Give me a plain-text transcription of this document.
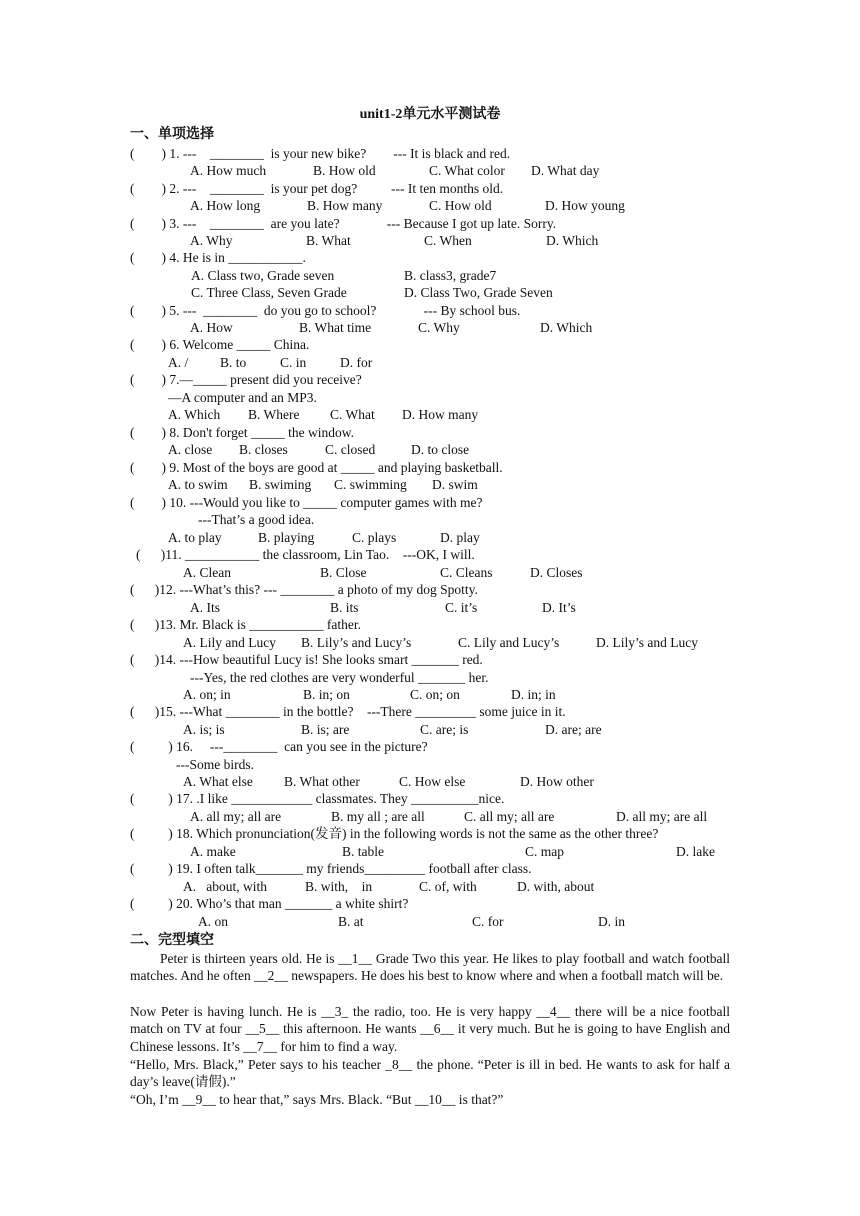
unit1-2单元水平测试卷
一、单项选择
(        ) 1. ---    ________  is your new bike?        --- It is black and red.
A. How much	B. How old	C. What color D. What day
(        ) 2. ---    ________  is your pet dog?          --- It ten months old.
A. How long	B. How many	C. How old	D. How young
(        ) 3. ---    ________  are you late?              --- Because I got up late. Sorry.
A. Why	B. What	C. When	D. Which
(        ) 4. He is in ___________.
A. Class two, Grade seven	B. class3, grade7
C. Three Class, Seven Grade	D. Class Two, Grade Seven
(        ) 5. ---  ________  do you go to school?              --- By school bus.
A. How	B. What time	C. Why	D. Which
(        ) 6. Welcome _____ China.
A. / B. to C. in D. for
(        ) 7.—_____ present did you receive?
—A computer and an MP3.
A. Which B. Where C. What D. How many
(        ) 8. Don't forget _____ the window.
A. close B. closes	C. closed	D. to close
(        ) 9. Most of the boys are good at _____ and playing basketball.
A. to swim B. swiming C. swimming D. swim
(        ) 10. ---Would you like to _____ computer games with me?
---That’s a good idea.
A. to play	B. playing	C. plays	D. play
(      )11. ___________ the classroom, Lin Tao.    ---OK, I will.
A. Clean	B. Close	C. Cleans	D. Closes
(      )12. ---What’s this? --- ________ a photo of my dog Spotty.
A. Its	B. its	C. it’s	D. It’s
(      )13. Mr. Black is ___________ father.
A. Lily and Lucy B. Lily’s and Lucy’s	C. Lily and Lucy’s	D. Lily’s and Lucy
(      )14. ---How beautiful Lucy is! She looks smart _______ red.
---Yes, the red clothes are very wonderful _______ her.
A. on; in	B. in; on	C. on; on	D. in; in
(      )15. ---What ________ in the bottle?    ---There _________ some juice in it.
A. is; is	B. is; are	C. are; is	D. are; are
(          ) 16.     ---________  can you see in the picture?
---Some birds.
A. What else B. What other	C. How else	D. How other
(          ) 17. .I like ____________ classmates. They __________nice.
A. all my; all are	B. my all ; are all	C. all my; all are	D. all my; are all
(          ) 18. Which pronunciation(发音) in the following words is not the same as the other three?
A. make	B. table	C. map	D. lake
(          ) 19. I often talk_______ my friends_________ football after class.
A.   about, with	B. with,    in	C. of, with	D. with, about
(          ) 20. Who’s that man _______ a white shirt?
A. on	B. at	C. for	D. in
二、完型填空

Peter is thirteen years old. He is __1__ Grade Two this year. He likes to play football and watch football matches. And he often __2__ newspapers. He does his best to know where and when a football match will be.

Now Peter is having lunch. He is __3_ the radio, too. He is very happy __4__ there will be a nice football match on TV at four __5__ this afternoon. He wants __6__ it very much. But he is going to have English and Chinese lessons. It’s __7__ for him to find a way.

“Hello, Mrs. Black,” Peter says to his teacher _8__ the phone. “Peter is ill in bed. He wants to ask for half a day’s leave(请假).”

“Oh, I’m __9__ to hear that,” says Mrs. Black. “But __10__ is that?”
